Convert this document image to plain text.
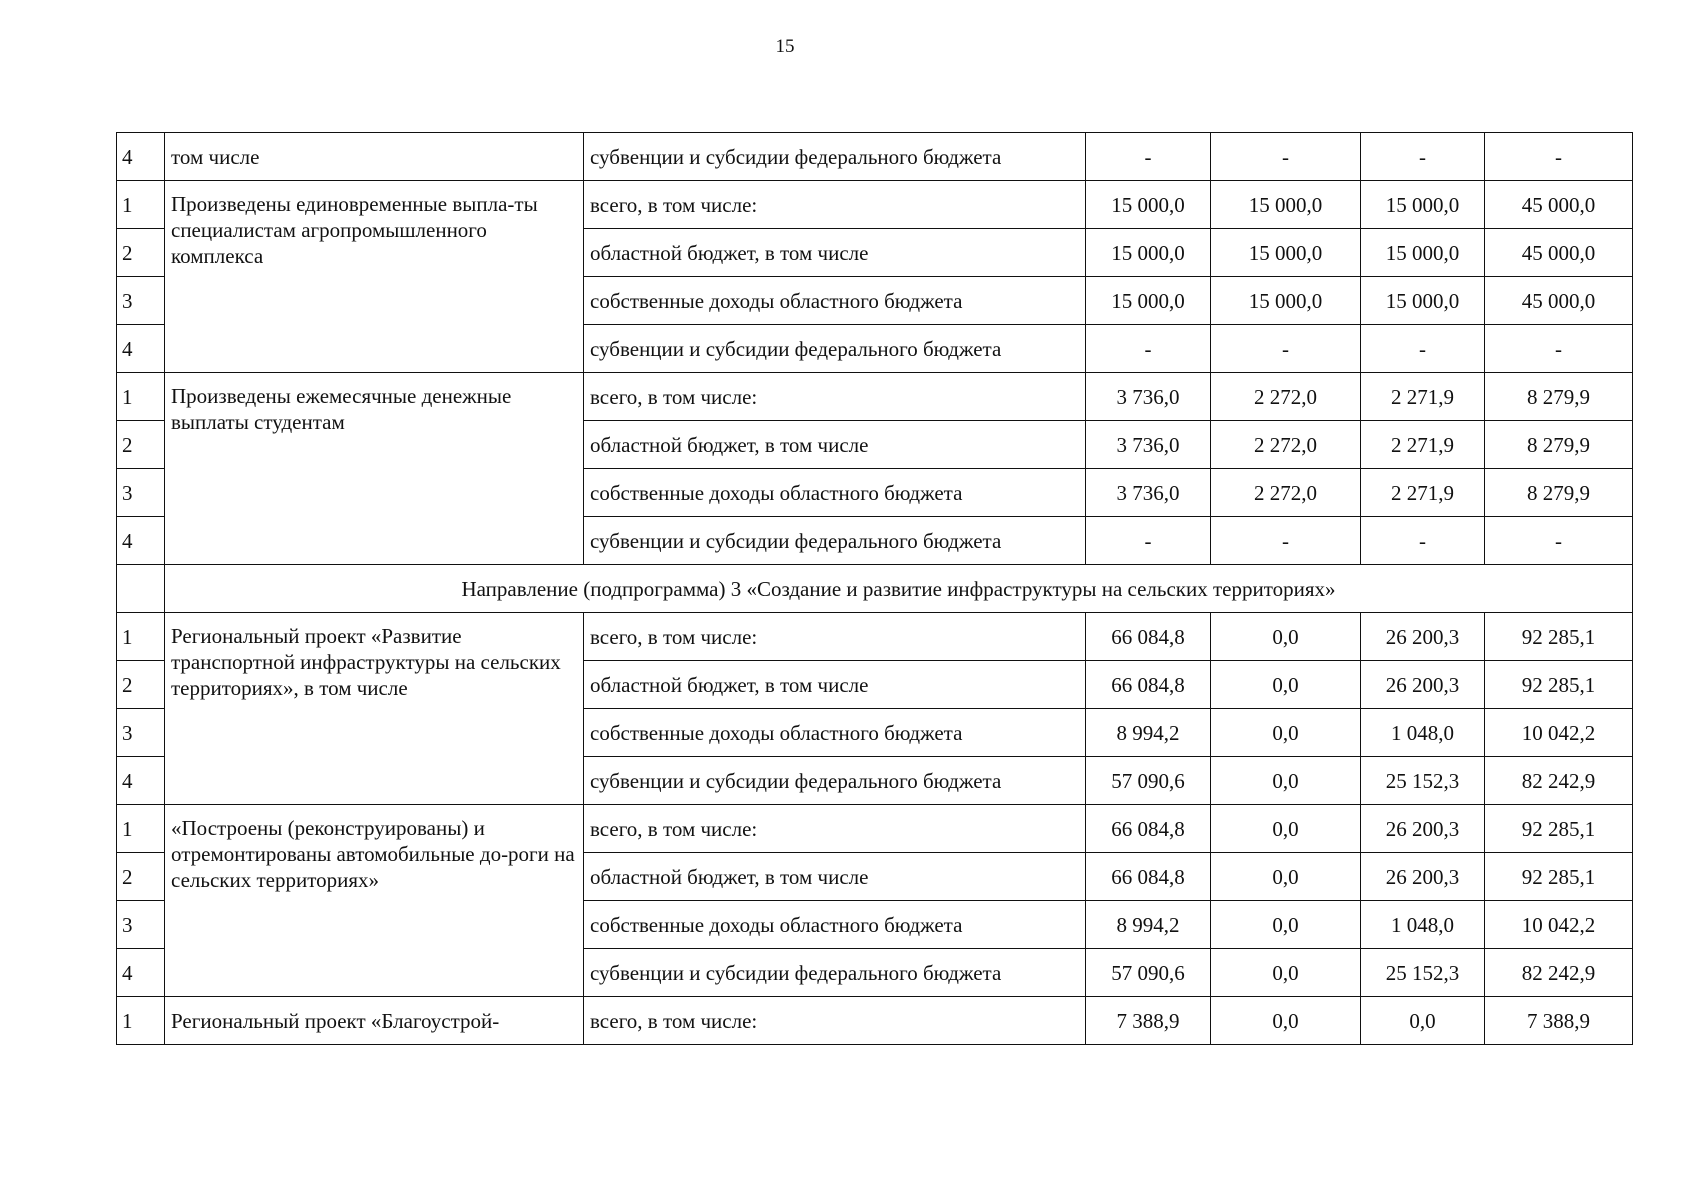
15
4	том числе	субвенции и субсидии федерального бюджета	-	-	-	-
1	Произведены единовременные выпла-ты специалистам агропромышленного комплекса	всего, в том числе:	15 000,0	15 000,0	15 000,0	45 000,0
2		областной бюджет, в том числе	15 000,0	15 000,0	15 000,0	45 000,0
3		собственные доходы областного бюджета	15 000,0	15 000,0	15 000,0	45 000,0
4		субвенции и субсидии федерального бюджета	-	-	-	-
1	Произведены ежемесячные денежные выплаты студентам	всего, в том числе:	3 736,0	2 272,0	2 271,9	8 279,9
2		областной бюджет, в том числе	3 736,0	2 272,0	2 271,9	8 279,9
3		собственные доходы областного бюджета	3 736,0	2 272,0	2 271,9	8 279,9
4		субвенции и субсидии федерального бюджета	-	-	-	-
	Направление (подпрограмма) 3 «Создание и развитие инфраструктуры на сельских территориях»					
1	Региональный проект «Развитие транспортной инфраструктуры на сельских территориях», в том числе	всего, в том числе:	66 084,8	0,0	26 200,3	92 285,1
2		областной бюджет, в том числе	66 084,8	0,0	26 200,3	92 285,1
3		собственные доходы областного бюджета	8 994,2	0,0	1 048,0	10 042,2
4		субвенции и субсидии федерального бюджета	57 090,6	0,0	25 152,3	82 242,9
1	«Построены (реконструированы) и отремонтированы автомобильные до-роги на сельских территориях»	всего, в том числе:	66 084,8	0,0	26 200,3	92 285,1
2		областной бюджет, в том числе	66 084,8	0,0	26 200,3	92 285,1
3		собственные доходы областного бюджета	8 994,2	0,0	1 048,0	10 042,2
4		субвенции и субсидии федерального бюджета	57 090,6	0,0	25 152,3	82 242,9
1	Региональный проект «Благоустрой-	всего, в том числе:	7 388,9	0,0	0,0	7 388,9
